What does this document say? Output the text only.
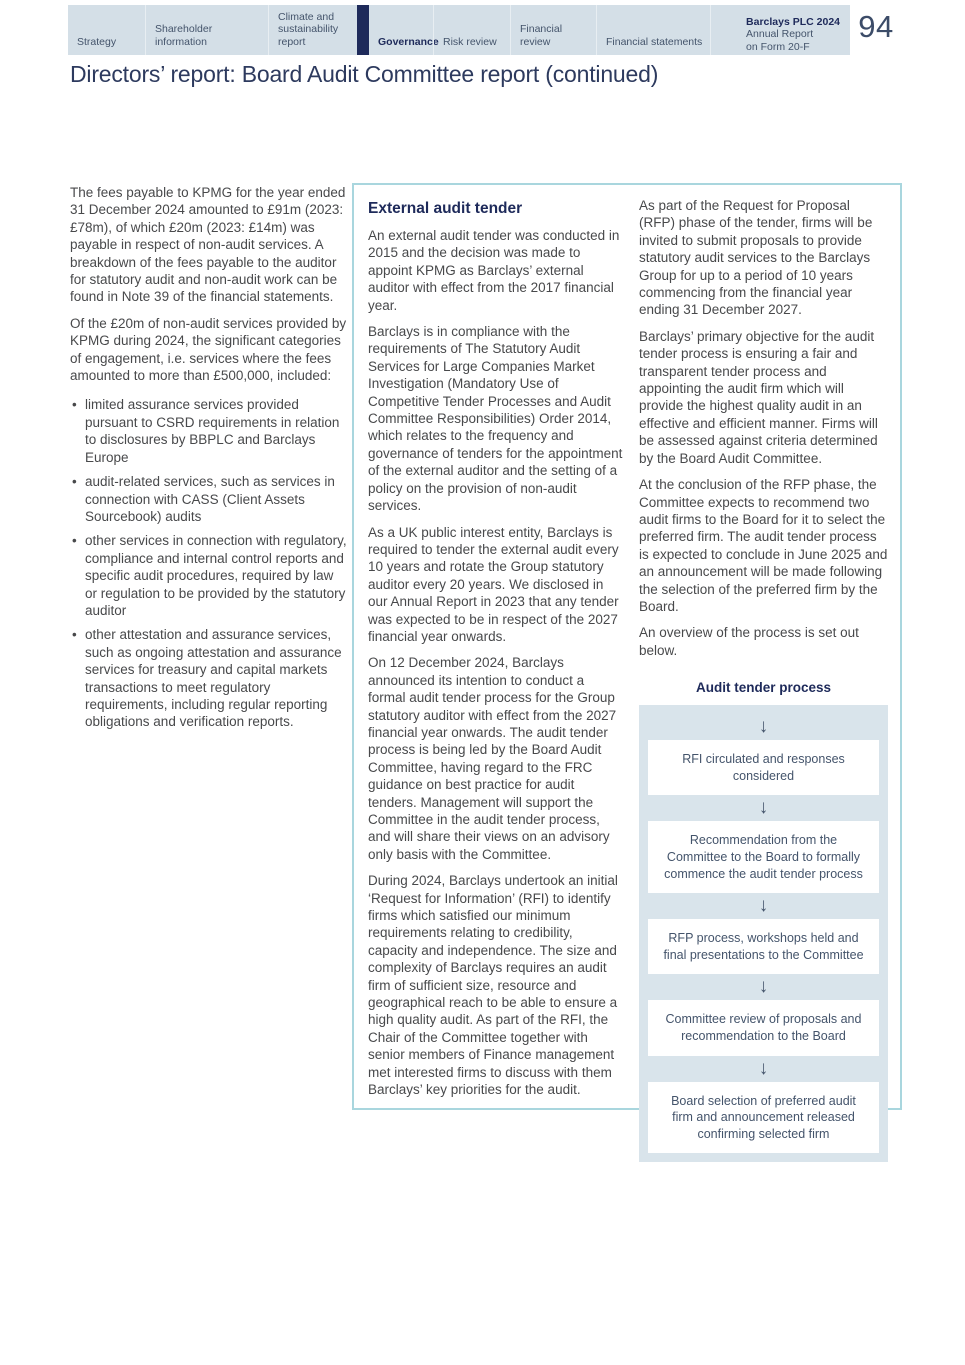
Strategy
Shareholder information
Climate and sustainability report	Governance Risk review
Financial review	Financial statements
Barclays PLC 2024
Annual Report
on Form 20-F
94
Directors’ report: Board Audit Committee report (continued)

The fees payable to KPMG for the year ended 31 December 2024 amounted to £91m (2023: £78m), of which £20m (2023: £14m) was payable in respect of non-audit services. A breakdown of the fees payable to the auditor for statutory audit and non-audit work can be found in Note 39 of the financial statements.

Of the £20m of non-audit services provided by KPMG during 2024, the significant categories of engagement, i.e. services where the fees amounted to more than £500,000, included:

• limited assurance services provided pursuant to CSRD requirements in relation to disclosures by BBPLC and Barclays Europe
• audit-related services, such as services in connection with CASS (Client Assets Sourcebook) audits
• other services in connection with regulatory, compliance and internal control reports and specific audit procedures, required by law or regulation to be provided by the statutory auditor
• other attestation and assurance services, such as ongoing attestation and assurance services for treasury and capital markets transactions to meet regulatory requirements, including regular reporting obligations and verification reports.
External audit tender

An external audit tender was conducted in 2015 and the decision was made to appoint KPMG as Barclays’ external auditor with effect from the 2017 financial year.

Barclays is in compliance with the requirements of The Statutory Audit Services for Large Companies Market Investigation (Mandatory Use of Competitive Tender Processes and Audit Committee Responsibilities) Order 2014, which relates to the frequency and governance of tenders for the appointment of the external auditor and the setting of a policy on the provision of non-audit services.

As a UK public interest entity, Barclays is required to tender the external audit every 10 years and rotate the Group statutory auditor every 20 years. We disclosed in our Annual Report in 2023 that any tender was expected to be in respect of the 2027 financial year onwards.

On 12 December 2024, Barclays announced its intention to conduct a formal audit tender process for the Group statutory auditor with effect from the 2027 financial year onwards. The audit tender process is being led by the Board Audit Committee, having regard to the FRC guidance on best practice for audit tenders. Management will support the Committee in the audit tender process, and will share their views on an advisory only basis with the Committee.

During 2024, Barclays undertook an initial ‘Request for Information’ (RFI) to identify firms which satisfied our minimum requirements relating to credibility, capacity and independence. The size and complexity of Barclays requires an audit firm of sufficient size, resource and geographical reach to be able to ensure a high quality audit. As part of the RFI, the Chair of the Committee together with senior members of Finance management met interested firms to discuss with them Barclays’ key priorities for the audit.

As part of the Request for Proposal (RFP) phase of the tender, firms will be invited to submit proposals to provide statutory audit services to the Barclays Group for up to a period of 10 years commencing from the financial year ending 31 December 2027.

Barclays’ primary objective for the audit tender process is ensuring a fair and transparent tender process and appointing the audit firm which will provide the highest quality audit in an effective and efficient manner. Firms will be assessed against criteria determined by the Board Audit Committee.

At the conclusion of the RFP phase, the Committee expects to recommend two audit firms to the Board for it to select the preferred firm. The audit tender process is expected to conclude in June 2025 and an announcement will be made following the selection of the preferred firm by the Board.

An overview of the process is set out below.

Audit tender process
↓
RFI circulated and responses considered
↓
Recommendation from the Committee to the Board to formally commence the audit tender process
↓
RFP process, workshops held and final presentations to the Committee
↓
Committee review of proposals and recommendation to the Board
↓
Board selection of preferred audit firm and announcement released confirming selected firm
